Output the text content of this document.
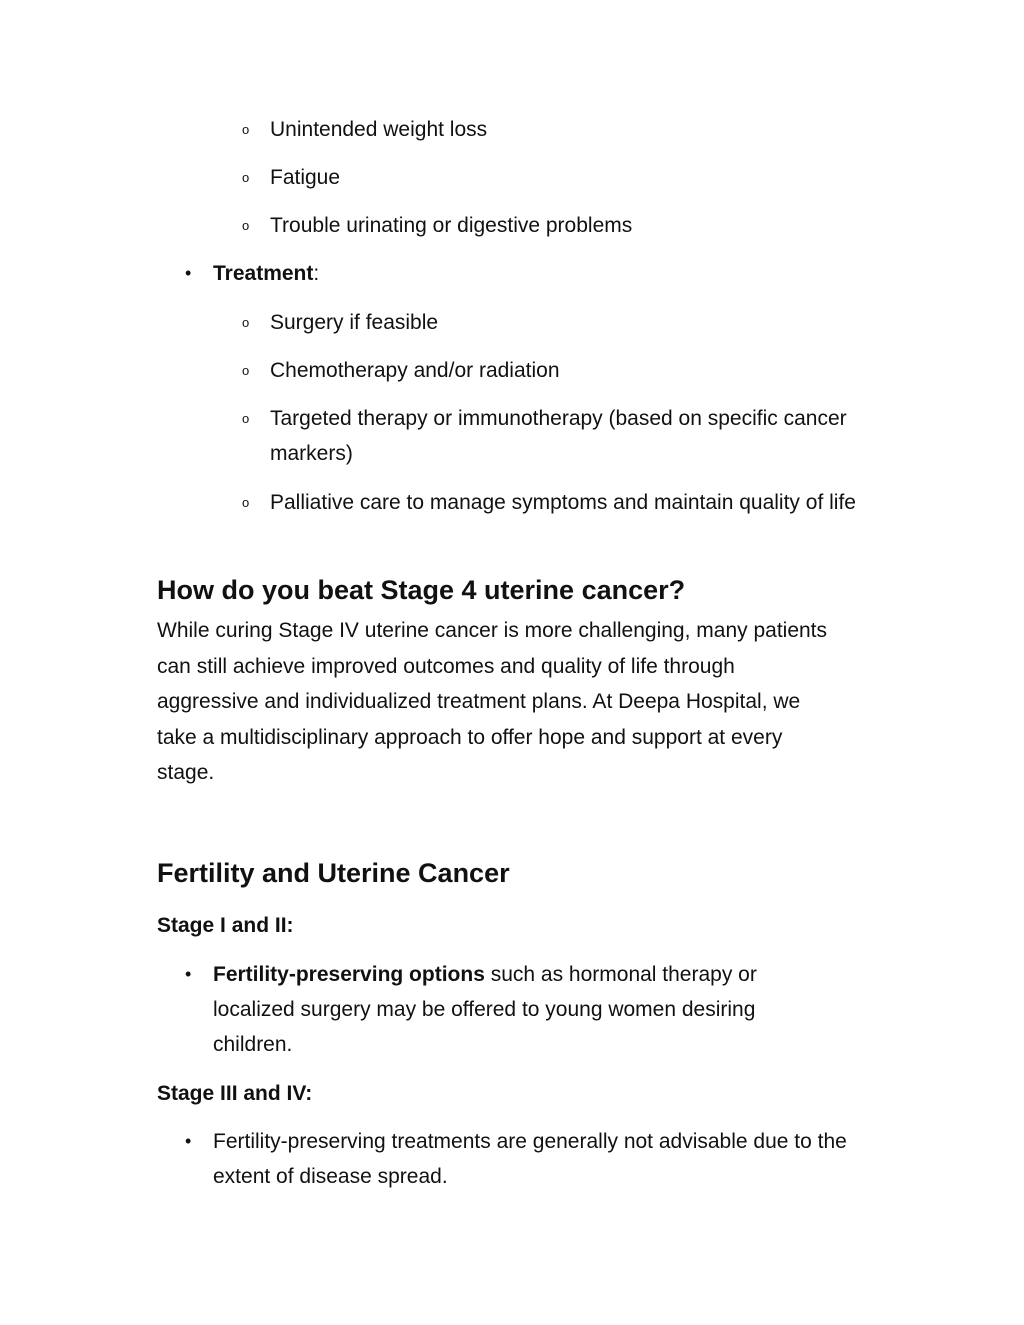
o Unintended weight loss
o Fatigue
o Trouble urinating or digestive problems
• Treatment:
o Surgery if feasible
o Chemotherapy and/or radiation
o Targeted therapy or immunotherapy (based on specific cancer markers)
o Palliative care to manage symptoms and maintain quality of life
How do you beat Stage 4 uterine cancer?
While curing Stage IV uterine cancer is more challenging, many patients can still achieve improved outcomes and quality of life through aggressive and individualized treatment plans. At Deepa Hospital, we take a multidisciplinary approach to offer hope and support at every stage.
Fertility and Uterine Cancer
Stage I and II:
• Fertility-preserving options such as hormonal therapy or localized surgery may be offered to young women desiring children.
Stage III and IV:
• Fertility-preserving treatments are generally not advisable due to the extent of disease spread.
